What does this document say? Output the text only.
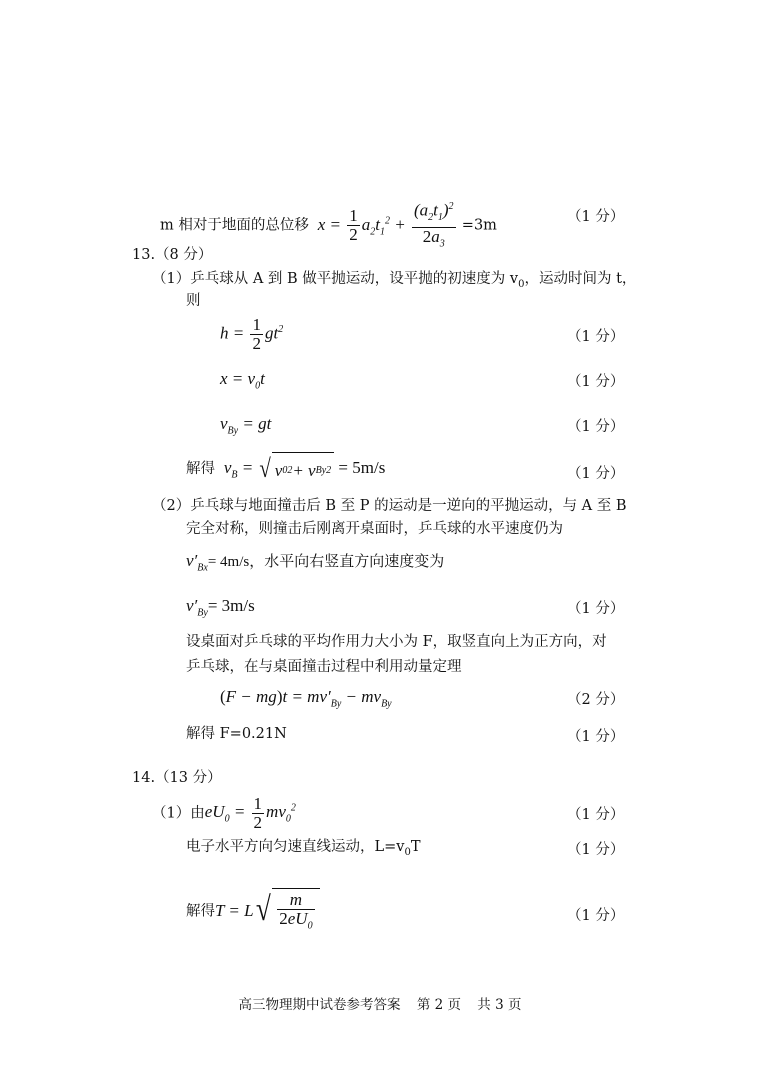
m 相对于地面的总位移  $x = \frac{1}{2} a_2t_1^2 + \frac{(a_2t_1)^2}{2a_3} =3m$
（1 分）
13.（8 分）
（1）乒乓球从 A 到 B 做平抛运动，设平抛的初速度为 $v_0$，运动时间为 t，
则
$h = \frac{1}{2} gt^2$	（1 分）
$x = v_0t$	（1 分）
$v_{By}$ = gt	（1 分）
解得  $v_B$ = √ v 0 2 + v By 2 = 5m/s	（1 分）
（2）乒乓球与地面撞击后 B 至 P 的运动是一逆向的平抛运动，与 A 至 B
完全对称，则撞击后刚离开桌面时，乒乓球的水平速度仍为
$v'_{Bx}= 4m/s$，水平向右竖直方向速度变为
$v'_{By}= 3m/s$	（1 分）
设桌面对乒乓球的平均作用力大小为 F，取竖直向上为正方向，对
乒乓球，在与桌面撞击过程中利用动量定理
$(F - mg)t = mv'_{By} - mv_{By}$	（2 分）
解得 F=0.21N	（1 分）
14.（13 分）
（1）由$eU_0 = \frac{1}{2} mv_0^2$	（1 分）
电子水平方向匀速直线运动，$L=v_0T$	（1 分）
解得T = L √ $\frac{m}{2eU_0}$	（1 分）
高三物理期中试卷参考答案 第 2 页 共 3 页
